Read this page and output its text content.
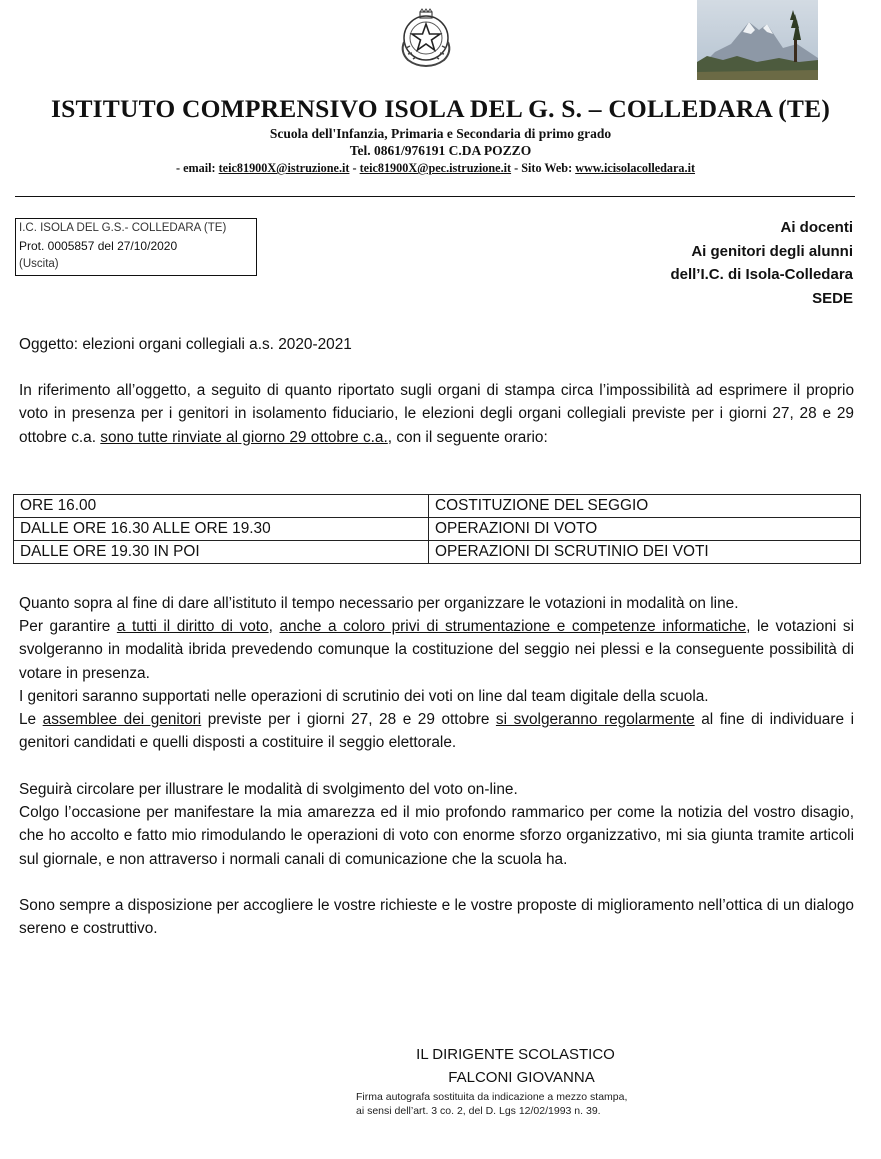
ISTITUTO COMPRENSIVO ISOLA DEL G. S. – COLLEDARA (TE)
Scuola dell'Infanzia, Primaria e Secondaria di primo grado
Tel. 0861/976191 C.DA POZZO
- email: teic81900X@istruzione.it - teic81900X@pec.istruzione.it - Sito Web: www.icisolacolledara.it
I.C. ISOLA DEL G.S.- COLLEDARA (TE)
Prot. 0005857 del 27/10/2020
(Uscita)
Ai docenti
Ai genitori degli alunni
dell’I.C. di Isola-Colledara
SEDE
Oggetto: elezioni organi collegiali a.s. 2020-2021
In riferimento all’oggetto, a seguito di quanto riportato sugli organi di stampa circa l’impossibilità ad esprimere il proprio voto in presenza per i genitori in isolamento fiduciario, le elezioni degli organi collegiali previste per i giorni 27, 28 e 29 ottobre c.a. sono tutte rinviate al giorno 29 ottobre c.a., con il seguente orario:
ORE 16.00	COSTITUZIONE DEL SEGGIO
DALLE ORE 16.30 ALLE ORE 19.30	OPERAZIONI DI VOTO
DALLE ORE 19.30 IN POI	OPERAZIONI DI SCRUTINIO DEI VOTI
Quanto sopra al fine di dare all’istituto il tempo necessario per organizzare le votazioni in modalità on line.
Per garantire a tutti il diritto di voto, anche a coloro privi di strumentazione e competenze informatiche, le votazioni si svolgeranno in modalità ibrida prevedendo comunque la costituzione del seggio nei plessi e la conseguente possibilità di votare in presenza.
I genitori saranno supportati nelle operazioni di scrutinio dei voti on line dal team digitale della scuola.
Le assemblee dei genitori previste per i giorni 27, 28 e 29 ottobre si svolgeranno regolarmente al fine di individuare i genitori candidati e quelli disposti a costituire il seggio elettorale.
Seguirà circolare per illustrare le modalità di svolgimento del voto on-line.
Colgo l’occasione per manifestare la mia amarezza ed il mio profondo rammarico per come la notizia del vostro disagio, che ho accolto e fatto mio rimodulando le operazioni di voto con enorme sforzo organizzativo, mi sia giunta tramite articoli sul giornale, e non attraverso i normali canali di comunicazione che la scuola ha.
Sono sempre a disposizione per accogliere le vostre richieste e le vostre proposte di miglioramento nell’ottica di un dialogo sereno e costruttivo.
IL DIRIGENTE SCOLASTICO
FALCONI GIOVANNA
Firma autografa sostituita da indicazione a mezzo stampa,
ai sensi dell’art. 3 co. 2, del D. Lgs 12/02/1993 n. 39.
